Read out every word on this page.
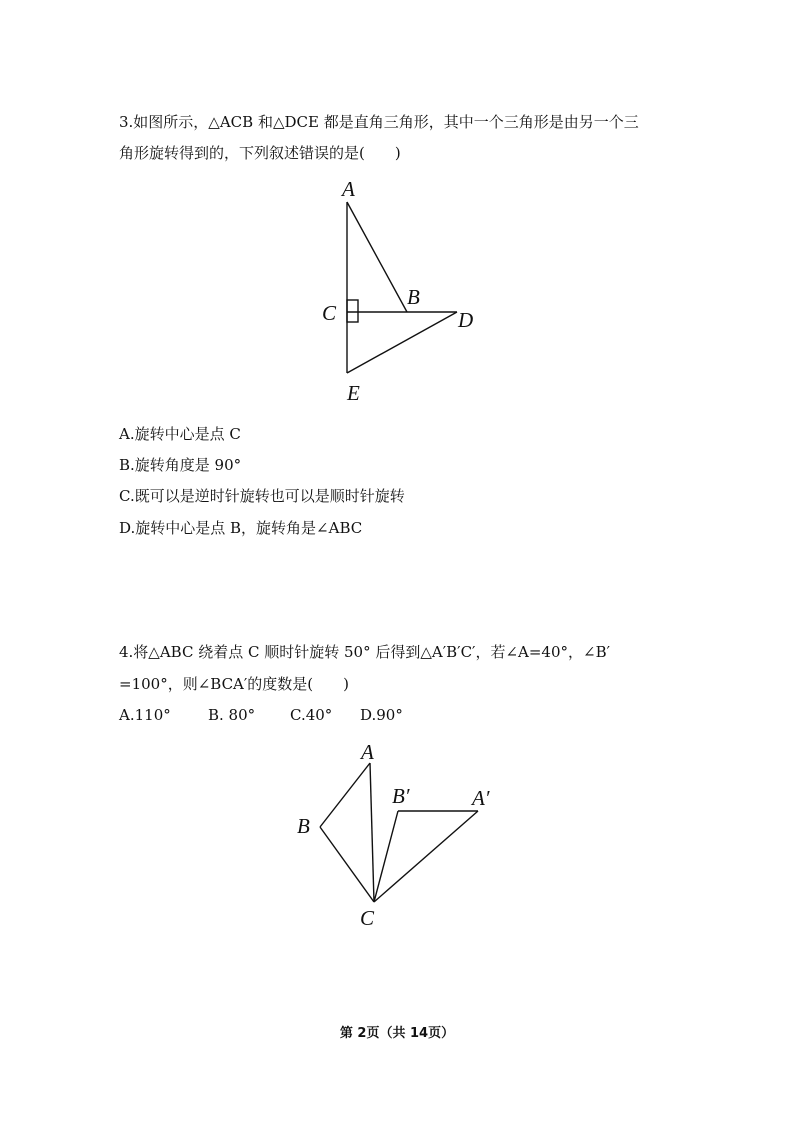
3.如图所示，△ACB 和△DCE 都是直角三角形，其中一个三角形是由另一个三
角形旋转得到的，下列叙述错误的是(　　)
A
B
C	D
E
A.旋转中心是点 C
B.旋转角度是 90°
C.既可以是逆时针旋转也可以是顺时针旋转
D.旋转中心是点 B，旋转角是∠ABC
4.将△ABC 绕着点 C 顺时针旋转 50° 后得到△A′B′C′，若∠A=40°，∠B′
=100°，则∠BCA′的度数是(　　)
A.110° B. 80° C.40° D.90°
A
B
B′	A′
C
第 2页（共 14页）
